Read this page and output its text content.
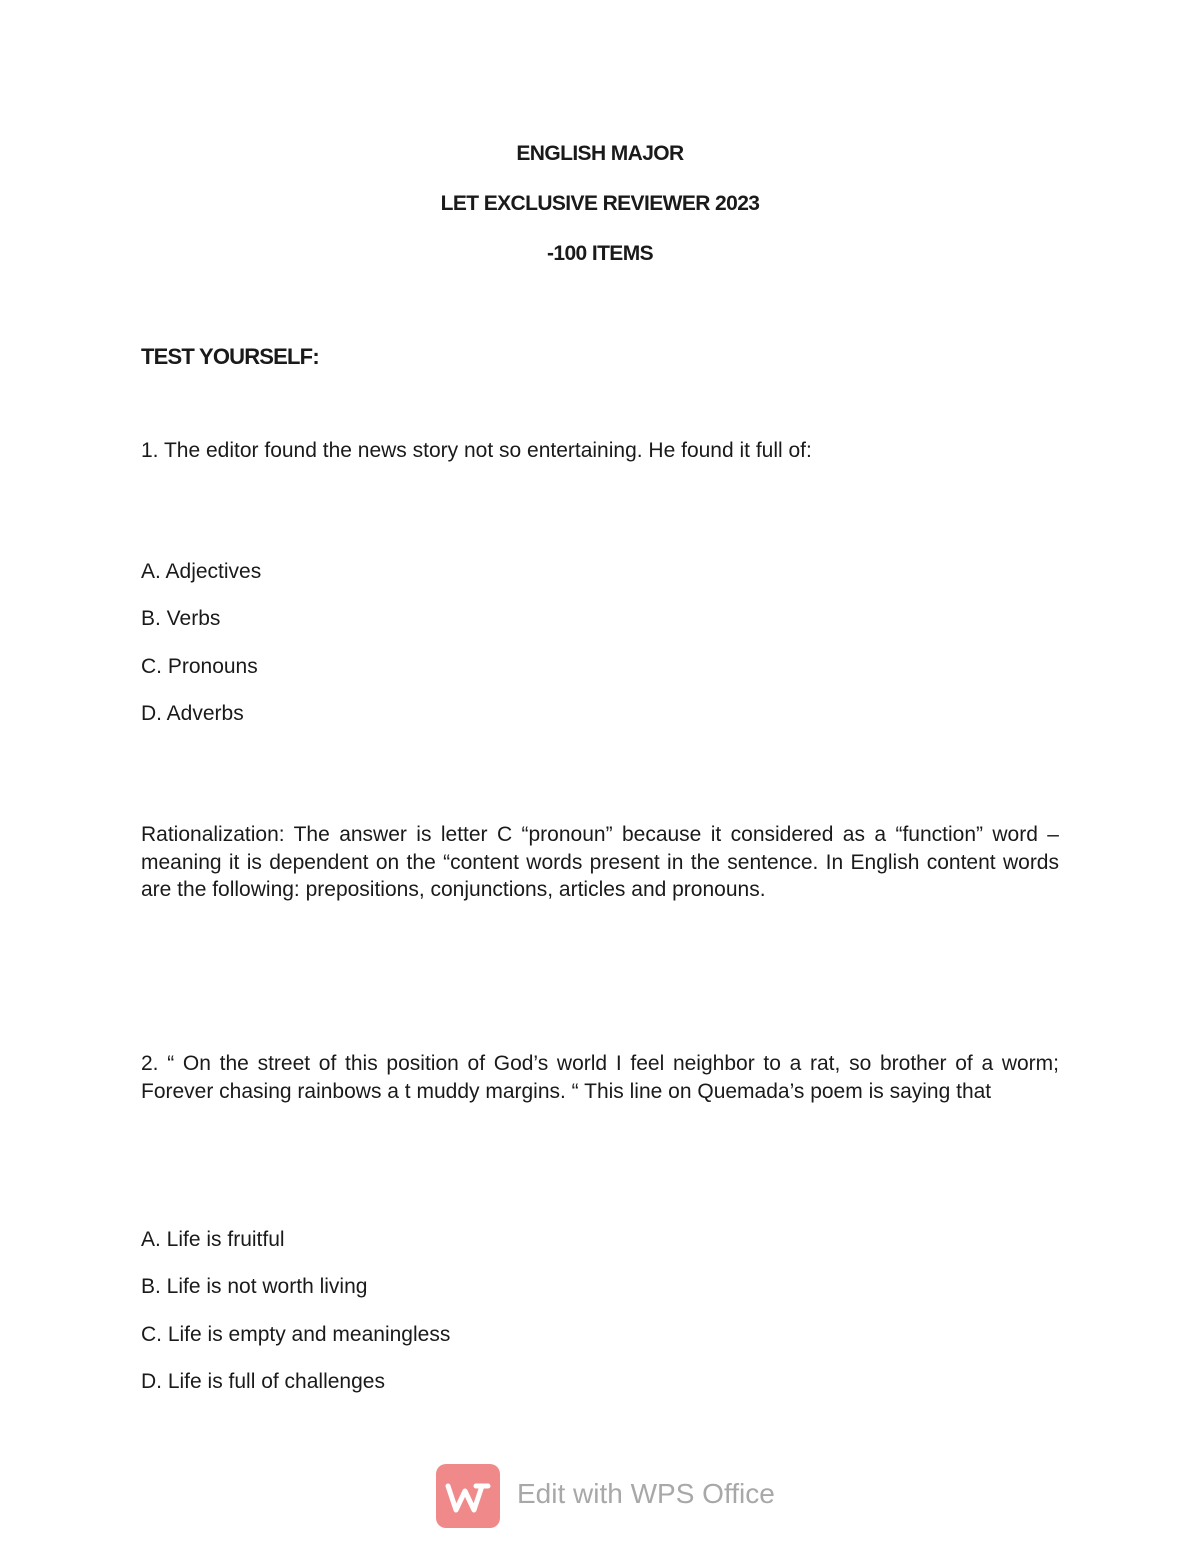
ENGLISH MAJOR
LET EXCLUSIVE REVIEWER 2023
-100 ITEMS
TEST YOURSELF:
1. The editor found the news story not so entertaining. He found it full of:
A. Adjectives
B. Verbs
C. Pronouns
D. Adverbs
Rationalization: The answer is letter C “pronoun” because it considered as a “function” word – meaning it is dependent on the “content words present in the sentence. In English content words are the following: prepositions, conjunctions, articles and pronouns.
2. “ On the street of this position of God’s world I feel neighbor to a rat, so brother of a worm; Forever chasing rainbows a t muddy margins. “ This line on Quemada’s poem is saying that
A. Life is fruitful
B. Life is not worth living
C. Life is empty and meaningless
D. Life is full of challenges
Edit with WPS Office
